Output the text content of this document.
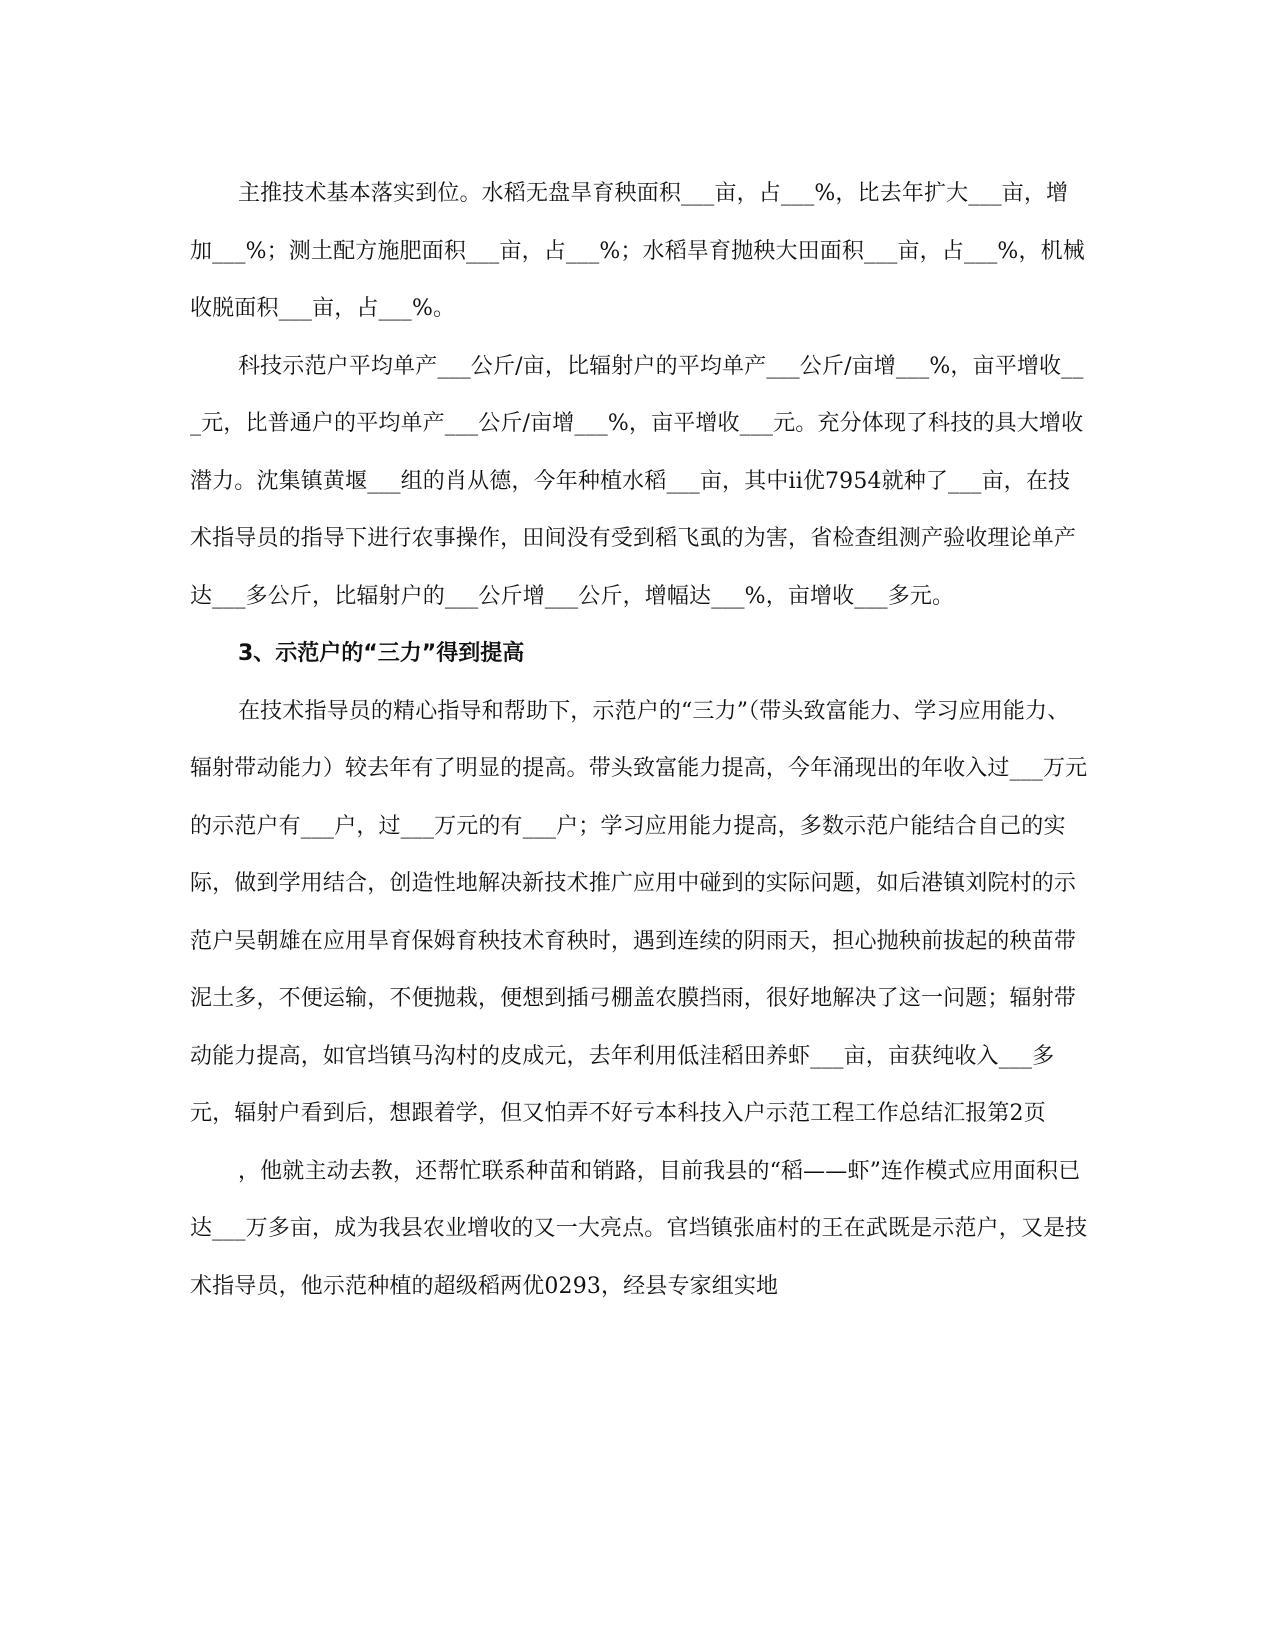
主推技术基本落实到位。水稻无盘旱育秧面积___亩，占___%，比去年扩大___亩，增加___%；测土配方施肥面积___亩，占___%；水稻旱育抛秧大田面积___亩，占___%，机械收脱面积___亩，占___%。

科技示范户平均单产___公斤/亩，比辐射户的平均单产___公斤/亩增___%，亩平增收___元，比普通户的平均单产___公斤/亩增___%，亩平增收___元。充分体现了科技的具大增收潜力。沈集镇黄堰___组的肖从德，今年种植水稻___亩，其中ii优7954就种了___亩，在技术指导员的指导下进行农事操作，田间没有受到稻飞虱的为害，省检查组测产验收理论单产达___多公斤，比辐射户的___公斤增___公斤，增幅达___%，亩增收___多元。

3、示范户的“三力”得到提高

在技术指导员的精心指导和帮助下，示范户的“三力”（带头致富能力、学习应用能力、辐射带动能力）较去年有了明显的提高。带头致富能力提高，今年涌现出的年收入过___万元的示范户有___户，过___万元的有___户；学习应用能力提高，多数示范户能结合自己的实际，做到学用结合，创造性地解决新技术推广应用中碰到的实际问题，如后港镇刘院村的示范户吴朝雄在应用旱育保姆育秧技术育秧时，遇到连续的阴雨天，担心抛秧前拔起的秧苗带泥土多，不便运输，不便抛栽，便想到插弓棚盖农膜挡雨，很好地解决了这一问题；辐射带动能力提高，如官垱镇马沟村的皮成元，去年利用低洼稻田养虾___亩，亩获纯收入___多元，辐射户看到后，想跟着学，但又怕弄不好亏本科技入户示范工程工作总结汇报第2页

，他就主动去教，还帮忙联系种苗和销路，目前我县的“稻——虾”连作模式应用面积已达___万多亩，成为我县农业增收的又一大亮点。官垱镇张庙村的王在武既是示范户，又是技术指导员，他示范种植的超级稻两优0293，经县专家组实地
